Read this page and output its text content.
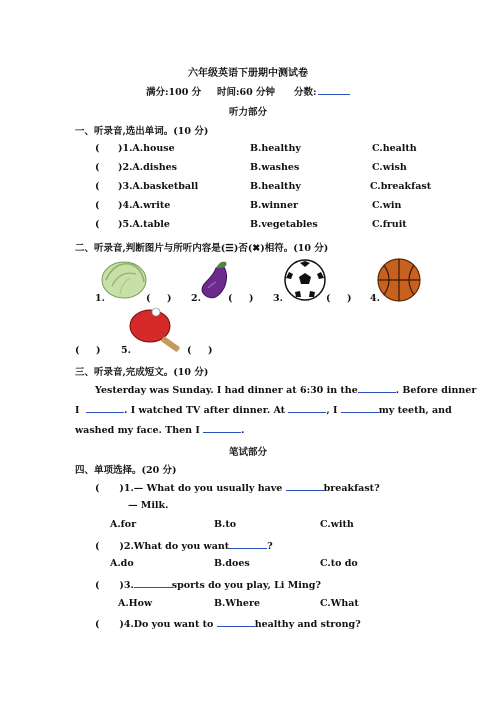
六年级英语下册期中测试卷
满分:100 分 时间:60 分钟 分数:
听力部分
一、听录音,选出单词。(10 分)
(
)1.A.house	B.healthy	C.health
(
)2.A.dishes	B.washes	C.wish
(
)3.A.basketball	B.healthy	C.breakfast
(
)4.A.write	B.winner	C.win
(
)5.A.table	B.vegetables	C.fruit
二、听录音,判断图片与所听内容是(☰)否(✖)相符。(10 分)
1.	(     ) 2.	(     ) 3.	(     ) 4.
(     ) 5.	(     )
三、听录音,完成短文。(10 分)
Yesterday was Sunday. I had dinner at 6:30 in the	. Before dinner
I	. I watched TV after dinner. At	, I	my teeth, and
washed my face. Then I	.
笔试部分
四、单项选择。(20 分)
(      )1.— What do you usually have	breakfast?
— Milk.
A.for	B.to	C.with
(      )2.What do you want	?
A.do	B.does	C.to do
(      )3.	sports do you play, Li Ming?
A.How	B.Where	C.What
(      )4.Do you want to	healthy and strong?
